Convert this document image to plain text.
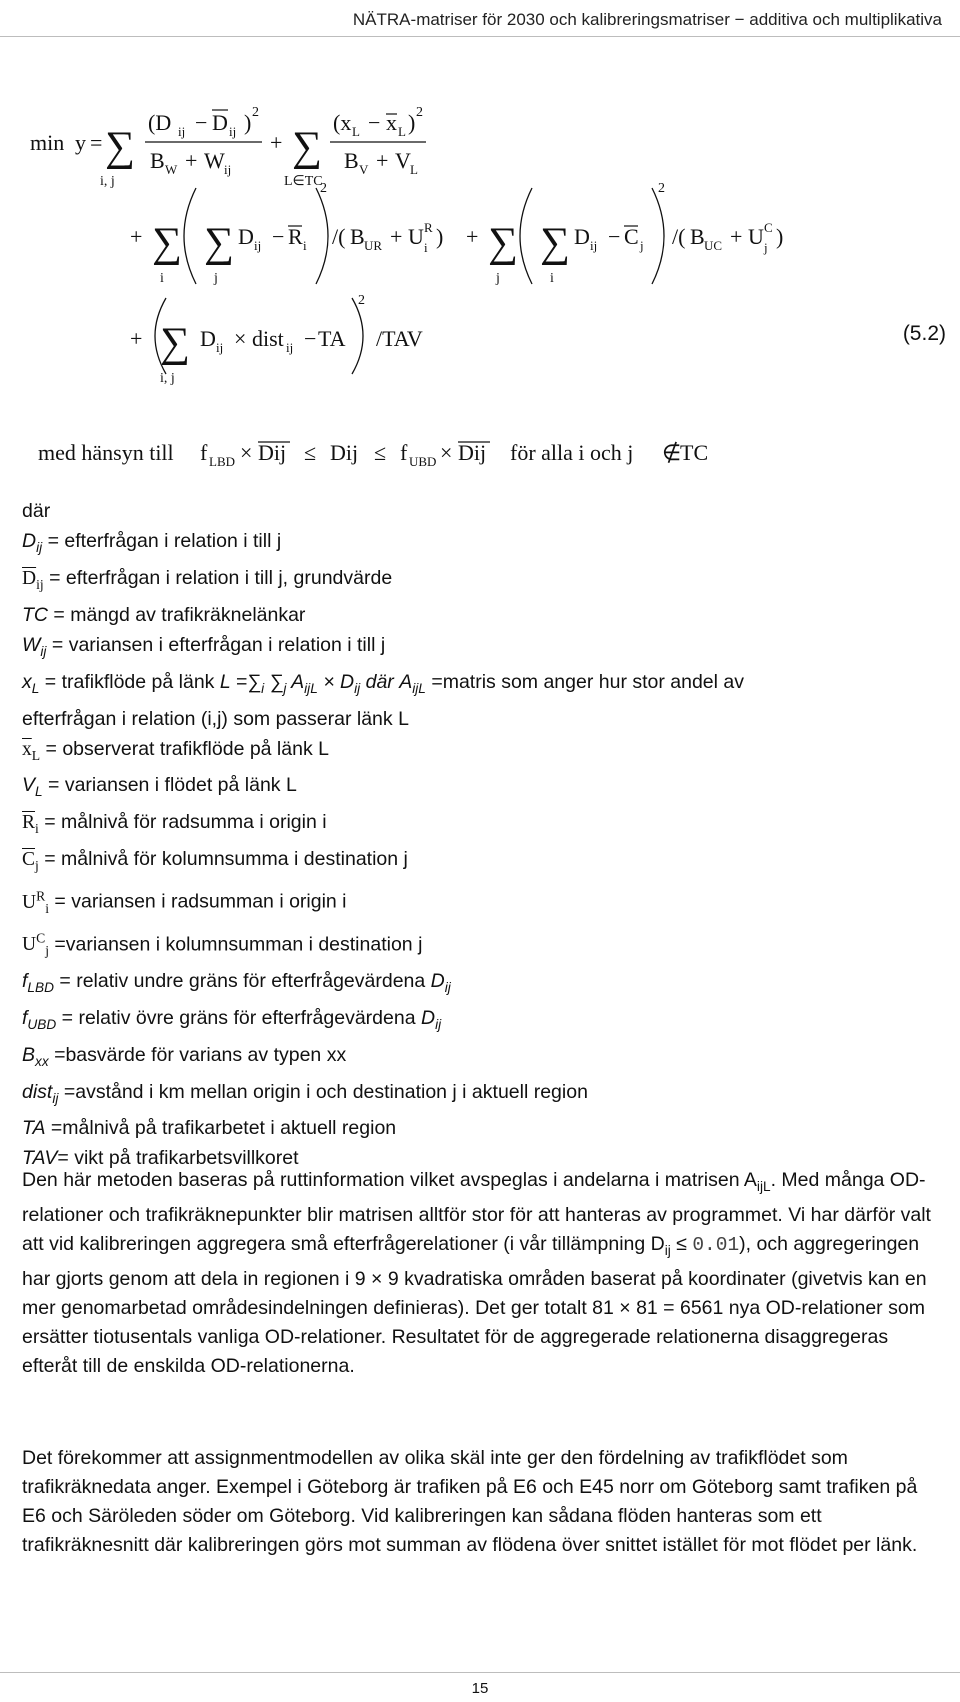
NÄTRA-matriser för 2030 och kalibreringsmatriser − additiva och multiplikativa
min y = ∑
i, j
(D ij − D ij ) 2
B W + W ij
+ ∑
L∈TC
(x L − x L ) 2
B V + V L
+ ∑
i
∑
j
D ij − R i
2
/( B UR + U R
i ) + ∑
j
∑
i
D ij − C j
2
/( B UC + U C
j )
+ ∑
i, j
D ij × dist ij − TA
2
/TAV	(5.2)
med hänsyn till f LBD × Dij ≤ Dij ≤ f UBD × Dij för alla i och j ∉
TC
där
$D_{ij}$ = efterfrågan i relation i till j
$\overline{D}_{ij}$ = efterfrågan i relation i till j, grundvärde
TC = mängd av trafikräknelänkar
$W_{ij}$ = variansen i efterfrågan i relation i till j
$x_L$ = trafikflöde på länk $L =\sum_i$ $\sum_j$ $A_{ijL} \times D_{ij}$ där $A_{ijL}$ =matris som anger hur stor andel av
efterfrågan i relation (i,j) som passerar länk L
$\overline{x}_L$ = observerat trafikflöde på länk L
$V_L$ = variansen i flödet på länk L
$\overline{R}_i$ = målnivå för radsumma i origin i
$\overline{C}_j$ = målnivå för kolumnsumma i destination j
$U^R_i$ = variansen i radsumman i origin i
$U^C_j$ =variansen i kolumnsumman i destination j
$f_{LBD}$ = relativ undre gräns för efterfrågevärdena $D_{ij}$
$f_{UBD}$ = relativ övre gräns för efterfrågevärdena $D_{ij}$
$B_{xx}$ =basvärde för varians av typen xx
dist$_{ij}$ =avstånd i km mellan origin i och destination j i aktuell region
TA =målnivå på trafikarbetet i aktuell region
TAV= vikt på trafikarbetsvillkoret
Den här metoden baseras på ruttinformation vilket avspeglas i andelarna i matrisen $A_{ijL}$. Med många OD-relationer och trafikräknepunkter blir matrisen alltför stor för att hanteras av programmet. Vi har därför valt att vid kalibreringen aggregera små efterfrågerelationer (i vår tillämpning $D_{ij} \le 0.01$), och aggregeringen har gjorts genom att dela in regionen i 9 × 9 kvadratiska områden baserat på koordinater (givetvis kan en mer genomarbetad områdesindelningen definieras). Det ger totalt 81 × 81 = 6561 nya OD-relationer som ersätter tiotusentals vanliga OD-relationer. Resultatet för de aggregerade relationerna disaggregeras efteråt till de enskilda OD-relationerna.
Det förekommer att assignmentmodellen av olika skäl inte ger den fördelning av trafikflödet som trafikräknedata anger. Exempel i Göteborg är trafiken på E6 och E45 norr om Göteborg samt trafiken på E6 och Säröleden söder om Göteborg. Vid kalibreringen kan sådana flöden hanteras som ett trafikräknesnitt där kalibreringen görs mot summan av flödena över snittet istället för mot flödet per länk.
15
